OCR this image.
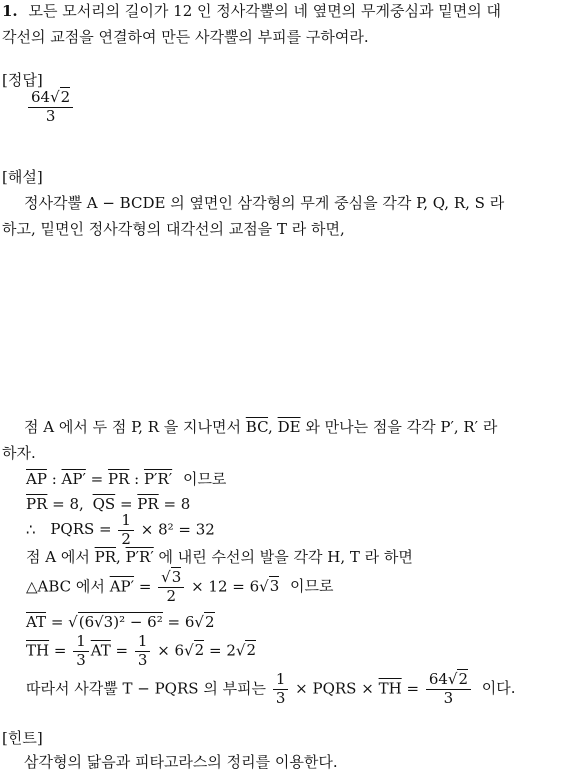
1. 모든 모서리의 길이가 12 인 정사각뿔의 네 옆면의 무게중심과 밑면의 대
각선의 교점을 연결하여 만든 사각뿔의 부피를 구하여라.
[정답]
$\frac{64√2}{3}$
[해설]
정사각뿔 A − BCDE 의 옆면인 삼각형의 무게 중심을 각각 P, Q, R, S 라
하고, 밑면인 정사각형의 대각선의 교점을 T 라 하면,
점 A 에서 두 점 P, R 을 지나면서 $\overline{BC}$, $\overline{DE}$ 와 만나는 점을 각각 P′, R′ 라
하자.
$\overline{AP}$ : $AP' = \overline{PR}$ : P′R′ 이므로
$\overline{PR} = 8$, $\overline{QS} = \overline{PR} = 8$
∴ PQRS = $\frac{1}{2} \times 8^2 = 32$
점 A 에서 $\overline{PR}$, P′R′ 에 내린 수선의 발을 각각 H, T 라 하면
△ABC 에서 $AP' = \frac{√3}{2} \times 12 = 6√3$ 이므로
$\overline{AT} = √(6√3)^2 - 6^2 = 6√2$
$\overline{TH} = \frac{1}{3} \overline{AT} = \frac{1}{3} \times 6√2 = 2√2$
따라서 사각뿔 T − PQRS 의 부피는 $\frac{1}{3}$ × PQRS × $\overline{TH} = \frac{64√2}{3}$ 이다.
[힌트]
삼각형의 닮음과 피타고라스의 정리를 이용한다.
